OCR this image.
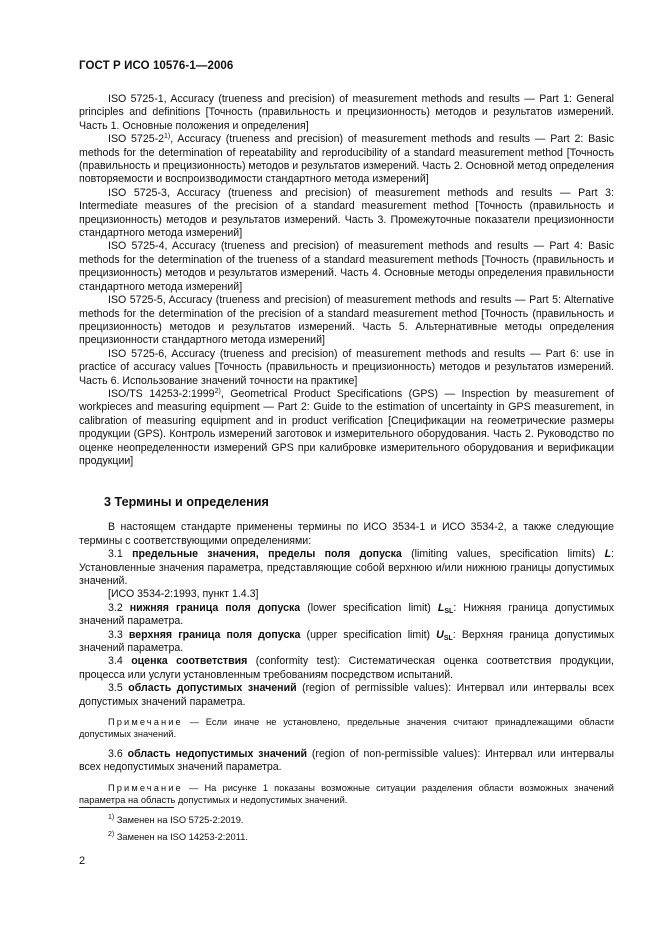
ГОСТ Р ИСО 10576-1—2006

ISO 5725-1, Accuracy (trueness and precision) of measurement methods and results — Part 1: General principles and definitions [Точность (правильность и прецизионность) методов и результатов измерений. Часть 1. Основные положения и определения]

ISO 5725-2$^{1)}$, Accuracy (trueness and precision) of measurement methods and results — Part 2: Basic methods for the determination of repeatability and reproducibility of a standard measurement method [Точность (правильность и прецизионность) методов и результатов измерений. Часть 2. Основной метод определения повторяемости и воспроизводимости стандартного метода измерений]

ISO 5725-3, Accuracy (trueness and precision) of measurement methods and results — Part 3: Intermediate measures of the precision of a standard measurement method [Точность (правильность и прецизионность) методов и результатов измерений. Часть 3. Промежуточные показатели прецизионности стандартного метода измерений]

ISO 5725-4, Accuracy (trueness and precision) of measurement methods and results — Part 4: Basic methods for the determination of the trueness of a standard measurement methods [Точность (правильность и прецизионность) методов и результатов измерений. Часть 4. Основные методы определения правильности стандартного метода измерений]

ISO 5725-5, Accuracy (trueness and precision) of measurement methods and results — Part 5: Alternative methods for the determination of the precision of a standard measurement method [Точность (правильность и прецизионность) методов и результатов измерений. Часть 5. Альтернативные методы определения прецизионности стандартного метода измерений]

ISO 5725-6, Accuracy (trueness and precision) of measurement methods and results — Part 6: use in practice of accuracy values [Точность (правильность и прецизионность) методов и результатов измерений. Часть 6. Использование значений точности на практике]

ISO/TS 14253-2:1999$^{2)}$, Geometrical Product Specifications (GPS) — Inspection by measurement of workpieces and measuring equipment — Part 2: Guide to the estimation of uncertainty in GPS measurement, in calibration of measuring equipment and in product verification [Спецификации на геометрические размеры продукции (GPS). Контроль измерений заготовок и измерительного оборудования. Часть 2. Руководство по оценке неопределенности измерений GPS при калибровке измерительного оборудования и верификации продукции]

3 Термины и определения

В настоящем стандарте применены термины по ИСО 3534-1 и ИСО 3534-2, а также следующие термины с соответствующими определениями:

3.1 предельные значения, пределы поля допуска (limiting values, specification limits) L: Установленные значения параметра, представляющие собой верхнюю и/или нижнюю границы допустимых значений.

[ИСО 3534-2:1993, пункт 1.4.3]

3.2 нижняя граница поля допуска (lower specification limit) $L_{SL}$: Нижняя граница допустимых значений параметра.

3.3 верхняя граница поля допуска (upper specification limit) $U_{SL}$: Верхняя граница допустимых значений параметра.

3.4 оценка соответствия (conformity test): Систематическая оценка соответствия продукции, процесса или услуги установленным требованиям посредством испытаний.

3.5 область допустимых значений (region of permissible values): Интервал или интервалы всех допустимых значений параметра.

Примечание — Если иначе не установлено, предельные значения считают принадлежащими области допустимых значений.

3.6 область недопустимых значений (region of non-permissible values): Интервал или интервалы всех недопустимых значений параметра.

Примечание — На рисунке 1 показаны возможные ситуации разделения области возможных значений параметра на область допустимых и недопустимых значений.

$^{1)}$ Заменен на ISO 5725-2:2019.
$^{2)}$ Заменен на ISO 14253-2:2011.
2
